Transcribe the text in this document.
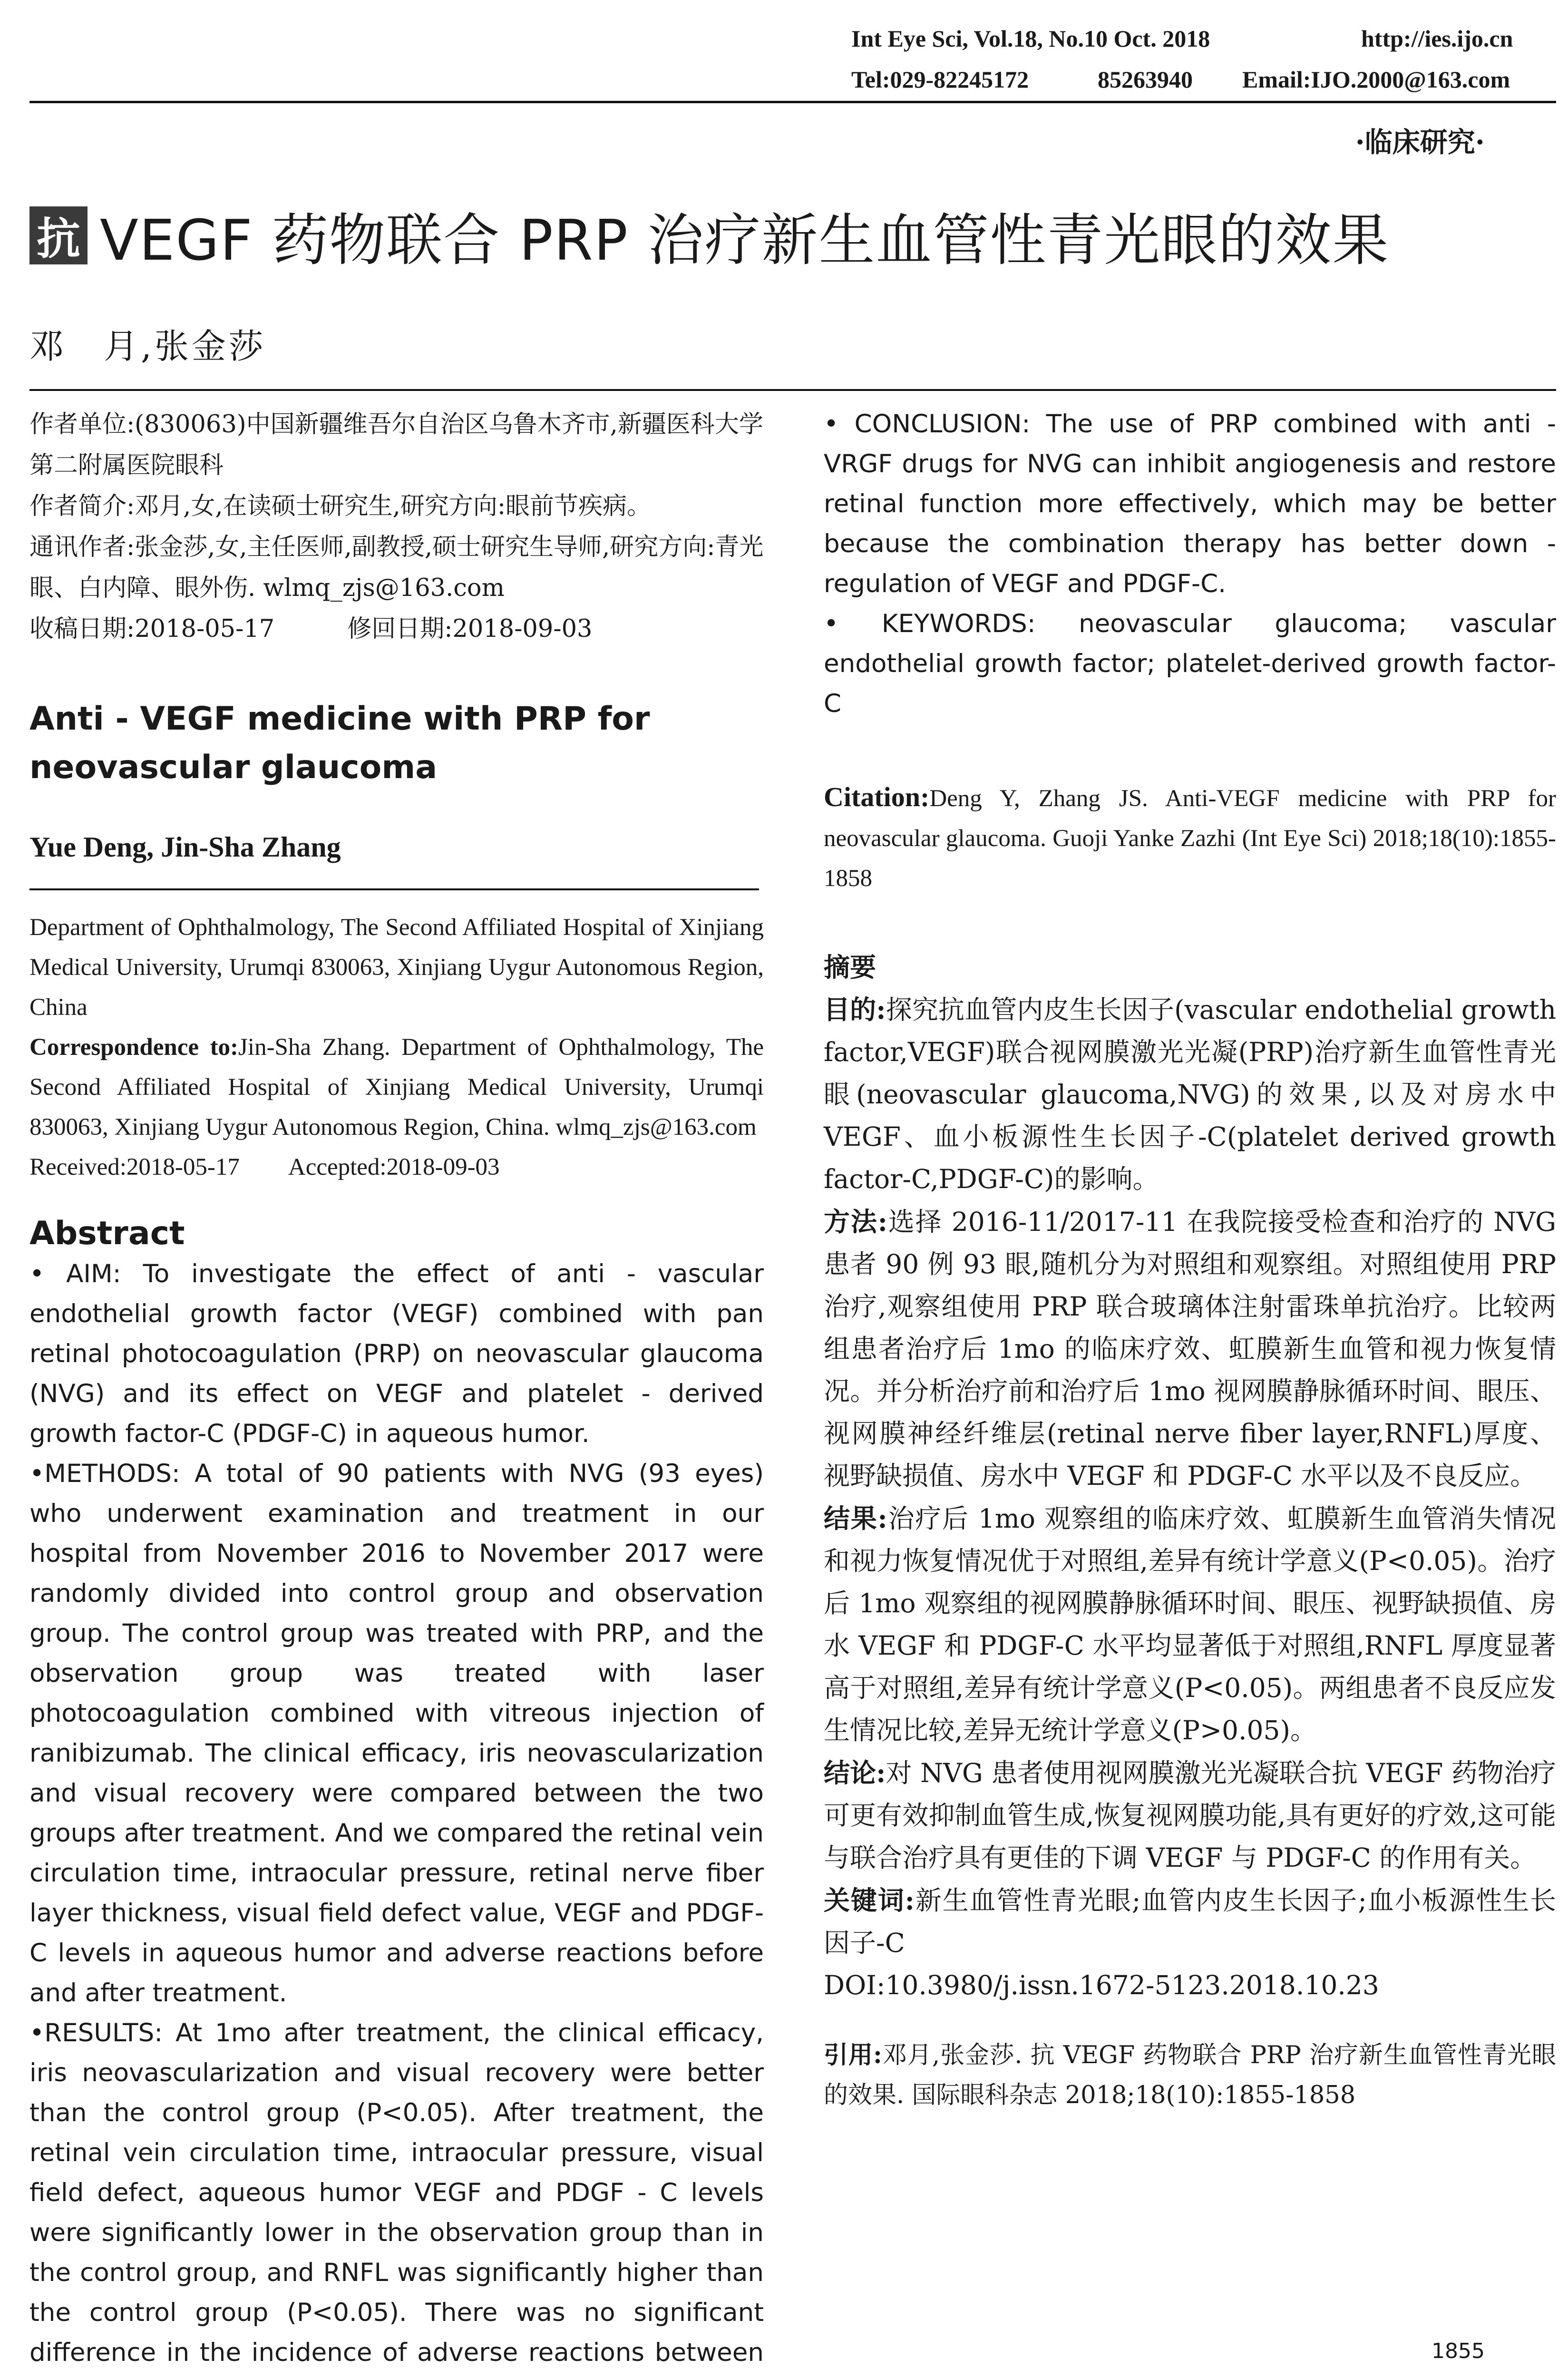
Int Eye Sci, Vol.18, No.10 Oct. 2018	http://ies.ijo.cn
Tel:029-82245172	85263940 Email:IJO.2000@163.com
·临床研究·
抗 VEGF 药物联合 PRP 治疗新生血管性青光眼的效果
邓　月,张金莎

作者单位:(830063)中国新疆维吾尔自治区乌鲁木齐市,新疆医科大学第二附属医院眼科

作者简介:邓月,女,在读硕士研究生,研究方向:眼前节疾病。

通讯作者:张金莎,女,主任医师,副教授,硕士研究生导师,研究方向:青光眼、白内障、眼外伤. wlmq_zjs@163.com

收稿日期:2018-05-17　　　修回日期:2018-09-03

Anti - VEGF medicine with PRP for neovascular glaucoma
Yue Deng, Jin-Sha Zhang

Department of Ophthalmology, The Second Affiliated Hospital of Xinjiang Medical University, Urumqi 830063, Xinjiang Uygur Autonomous Region, China

Correspondence to:Jin-Sha Zhang. Department of Ophthalmology, The Second Affiliated Hospital of Xinjiang Medical University, Urumqi 830063, Xinjiang Uygur Autonomous Region, China. wlmq_zjs@163.com

Received:2018-05-17　　Accepted:2018-09-03

Abstract

• AIM: To investigate the effect of anti - vascular endothelial growth factor (VEGF) combined with pan retinal photocoagulation (PRP) on neovascular glaucoma (NVG) and its effect on VEGF and platelet - derived growth factor-C (PDGF-C) in aqueous humor.

•METHODS: A total of 90 patients with NVG (93 eyes) who underwent examination and treatment in our hospital from November 2016 to November 2017 were randomly divided into control group and observation group. The control group was treated with PRP, and the observation group was treated with laser photocoagulation combined with vitreous injection of ranibizumab. The clinical efficacy, iris neovascularization and visual recovery were compared between the two groups after treatment. And we compared the retinal vein circulation time, intraocular pressure, retinal nerve fiber layer thickness, visual field defect value, VEGF and PDGF-C levels in aqueous humor and adverse reactions before and after treatment.

•RESULTS: At 1mo after treatment, the clinical efficacy, iris neovascularization and visual recovery were better than the control group (P<0.05). After treatment, the retinal vein circulation time, intraocular pressure, visual field defect, aqueous humor VEGF and PDGF - C levels were significantly lower in the observation group than in the control group, and RNFL was significantly higher than the control group (P<0.05). There was no significant difference in the incidence of adverse reactions between

• CONCLUSION: The use of PRP combined with anti - VRGF drugs for NVG can inhibit angiogenesis and restore retinal function more effectively, which may be better because the combination therapy has better down - regulation of VEGF and PDGF-C.

• KEYWORDS: neovascular glaucoma; vascular endothelial growth factor; platelet-derived growth factor-C

Citation:Deng Y, Zhang JS. Anti-VEGF medicine with PRP for neovascular glaucoma. Guoji Yanke Zazhi (Int Eye Sci) 2018;18(10):1855-1858

摘要

目的:探究抗血管内皮生长因子(vascular endothelial growth factor,VEGF)联合视网膜激光光凝(PRP)治疗新生血管性青光眼(neovascular glaucoma,NVG)的效果,以及对房水中 VEGF、血小板源性生长因子-C(platelet derived growth factor-C,PDGF-C)的影响。

方法:选择 2016-11/2017-11 在我院接受检查和治疗的 NVG 患者 90 例 93 眼,随机分为对照组和观察组。对照组使用 PRP 治疗,观察组使用 PRP 联合玻璃体注射雷珠单抗治疗。比较两组患者治疗后 1mo 的临床疗效、虹膜新生血管和视力恢复情况。并分析治疗前和治疗后 1mo 视网膜静脉循环时间、眼压、视网膜神经纤维层(retinal nerve fiber layer,RNFL)厚度、视野缺损值、房水中 VEGF 和 PDGF-C 水平以及不良反应。

结果:治疗后 1mo 观察组的临床疗效、虹膜新生血管消失情况和视力恢复情况优于对照组,差异有统计学意义(P<0.05)。治疗后 1mo 观察组的视网膜静脉循环时间、眼压、视野缺损值、房水 VEGF 和 PDGF-C 水平均显著低于对照组,RNFL 厚度显著高于对照组,差异有统计学意义(P<0.05)。两组患者不良反应发生情况比较,差异无统计学意义(P>0.05)。

结论:对 NVG 患者使用视网膜激光光凝联合抗 VEGF 药物治疗可更有效抑制血管生成,恢复视网膜功能,具有更好的疗效,这可能与联合治疗具有更佳的下调 VEGF 与 PDGF-C 的作用有关。

关键词:新生血管性青光眼;血管内皮生长因子;血小板源性生长因子-C

DOI:10.3980/j.issn.1672-5123.2018.10.23

引用:邓月,张金莎. 抗 VEGF 药物联合 PRP 治疗新生血管性青光眼的效果. 国际眼科杂志 2018;18(10):1855-1858
1855
